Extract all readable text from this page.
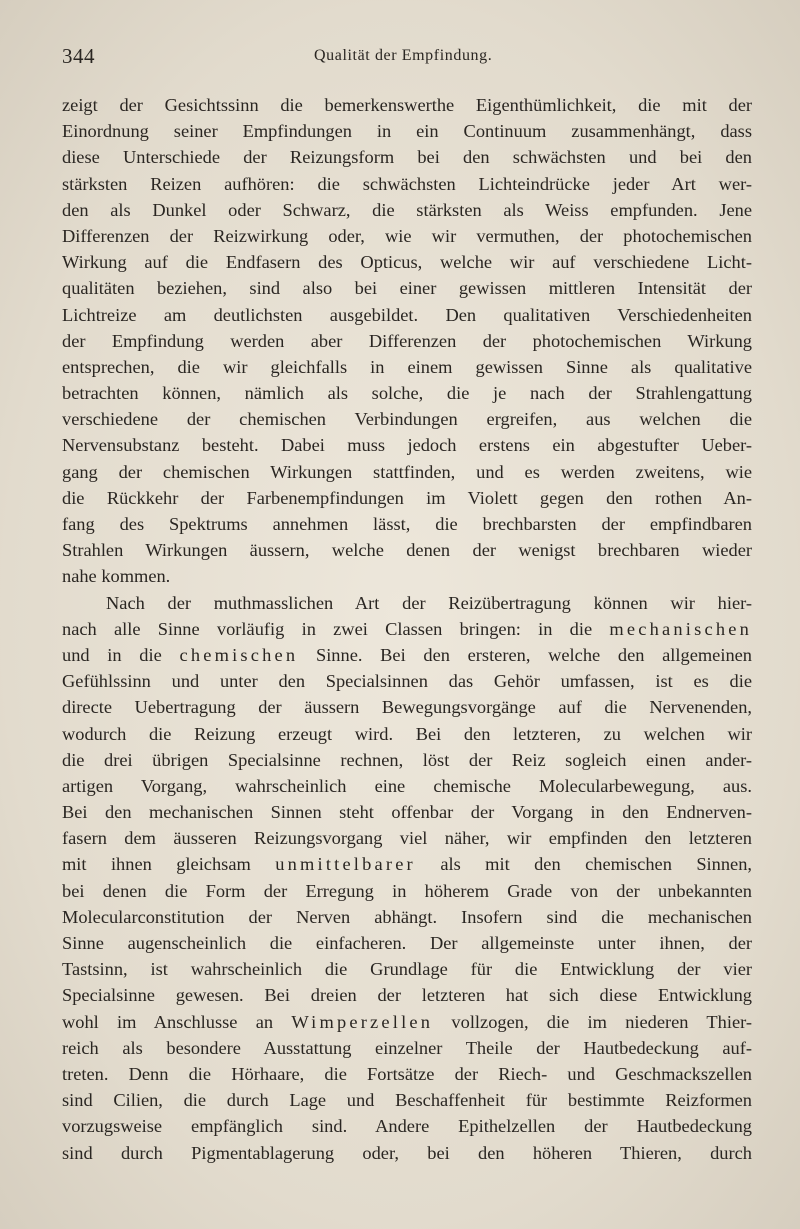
344	Qualität der Empfindung.
zeigt der Gesichtssinn die bemerkenswerthe Eigenthümlichkeit, die mit der
Einordnung seiner Empfindungen in ein Continuum zusammenhängt, dass
diese Unterschiede der Reizungsform bei den schwächsten und bei den
stärksten Reizen aufhören: die schwächsten Lichteindrücke jeder Art wer-
den als Dunkel oder Schwarz, die stärksten als Weiss empfunden. Jene
Differenzen der Reizwirkung oder, wie wir vermuthen, der photochemischen
Wirkung auf die Endfasern des Opticus, welche wir auf verschiedene Licht-
qualitäten beziehen, sind also bei einer gewissen mittleren Intensität der
Lichtreize am deutlichsten ausgebildet. Den qualitativen Verschiedenheiten
der Empfindung werden aber Differenzen der photochemischen Wirkung
entsprechen, die wir gleichfalls in einem gewissen Sinne als qualitative
betrachten können, nämlich als solche, die je nach der Strahlengattung
verschiedene der chemischen Verbindungen ergreifen, aus welchen die
Nervensubstanz besteht. Dabei muss jedoch erstens ein abgestufter Ueber-
gang der chemischen Wirkungen stattfinden, und es werden zweitens, wie
die Rückkehr der Farbenempfindungen im Violett gegen den rothen An-
fang des Spektrums annehmen lässt, die brechbarsten der empfindbaren
Strahlen Wirkungen äussern, welche denen der wenigst brechbaren wieder
nahe kommen.
Nach der muthmasslichen Art der Reizübertragung können wir hier-
nach alle Sinne vorläufig in zwei Classen bringen: in die mechanischen
und in die chemischen Sinne. Bei den ersteren, welche den allgemeinen
Gefühlssinn und unter den Specialsinnen das Gehör umfassen, ist es die
directe Uebertragung der äussern Bewegungsvorgänge auf die Nervenenden,
wodurch die Reizung erzeugt wird. Bei den letzteren, zu welchen wir
die drei übrigen Specialsinne rechnen, löst der Reiz sogleich einen ander-
artigen Vorgang, wahrscheinlich eine chemische Molecularbewegung, aus.
Bei den mechanischen Sinnen steht offenbar der Vorgang in den Endnerven-
fasern dem äusseren Reizungsvorgang viel näher, wir empfinden den letzteren
mit ihnen gleichsam unmittelbarer als mit den chemischen Sinnen,
bei denen die Form der Erregung in höherem Grade von der unbekannten
Molecularconstitution der Nerven abhängt. Insofern sind die mechanischen
Sinne augenscheinlich die einfacheren. Der allgemeinste unter ihnen, der
Tastsinn, ist wahrscheinlich die Grundlage für die Entwicklung der vier
Specialsinne gewesen. Bei dreien der letzteren hat sich diese Entwicklung
wohl im Anschlusse an Wimperzellen vollzogen, die im niederen Thier-
reich als besondere Ausstattung einzelner Theile der Hautbedeckung auf-
treten. Denn die Hörhaare, die Fortsätze der Riech- und Geschmackszellen
sind Cilien, die durch Lage und Beschaffenheit für bestimmte Reizformen
vorzugsweise empfänglich sind. Andere Epithelzellen der Hautbedeckung
sind durch Pigmentablagerung oder, bei den höheren Thieren, durch
